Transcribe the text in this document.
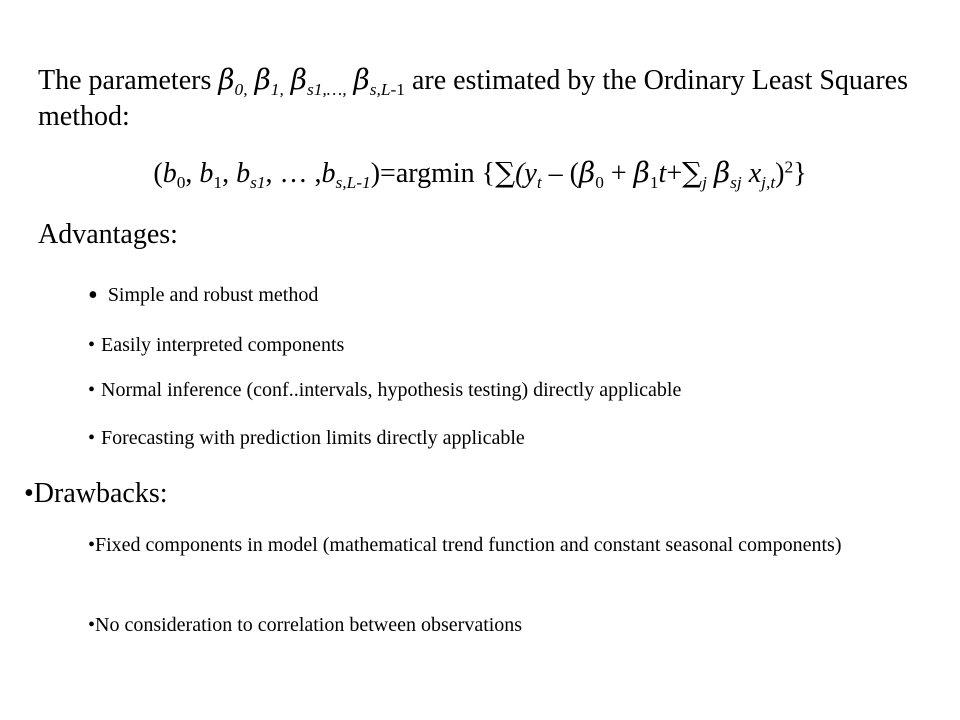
The parameters $\beta_{0,}$ $\beta_{1,}$ $\beta_{s1,\dots,}$ $\beta_{s,L-1}$ are estimated by the Ordinary Least Squares method:
($b_0$, $b_1$, $b_{s1}$, … $,b_{s,L-1})=argmin$ {$\sum(y_t - (\beta_0 + \beta_1t+\sum_j$ $\beta_{sj}$ $x_{j,t})^2$}
Advantages:
• Simple and robust method
• Easily interpreted components
• Normal inference (conf..intervals, hypothesis testing) directly applicable
• Forecasting with prediction limits directly applicable
•Drawbacks:
•Fixed components in model (mathematical trend function and constant seasonal components)
•No consideration to correlation between observations
